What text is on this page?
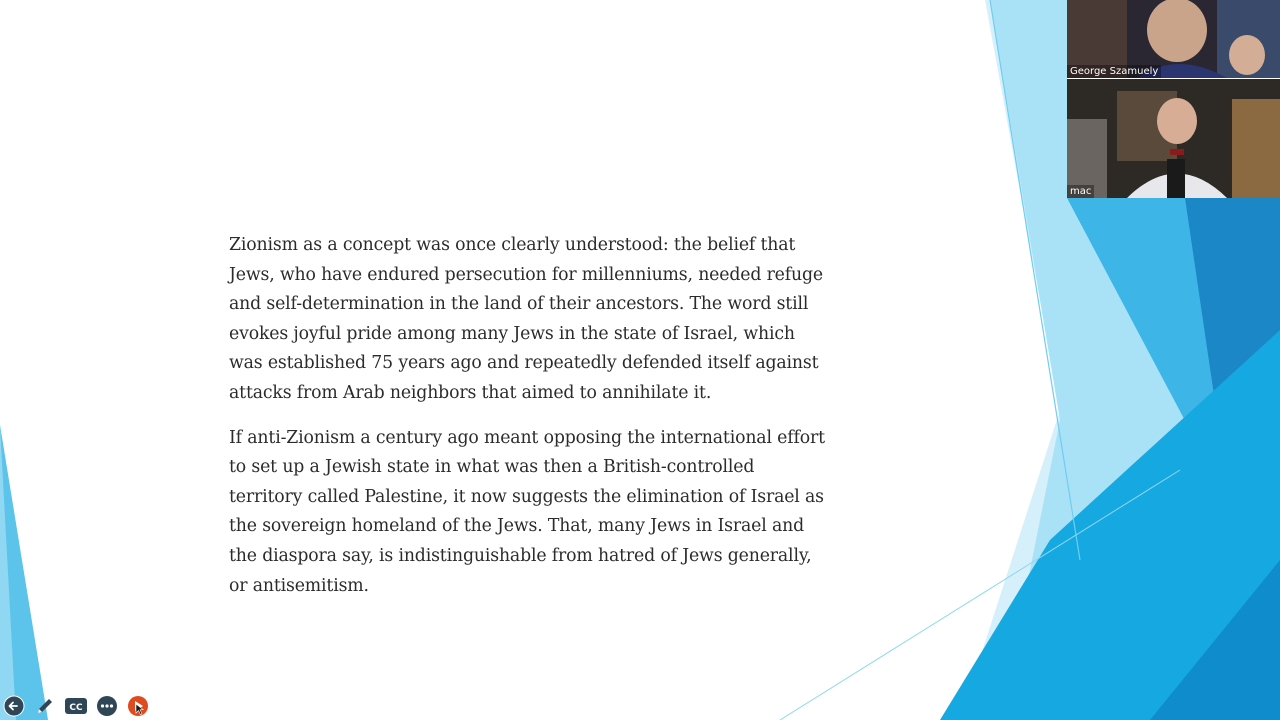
Zionism as a concept was once clearly understood: the belief that Jews, who have endured persecution for millenniums, needed refuge and self-determination in the land of their ancestors. The word still evokes joyful pride among many Jews in the state of Israel, which was established 75 years ago and repeatedly defended itself against attacks from Arab neighbors that aimed to annihilate it.

If anti-Zionism a century ago meant opposing the international effort to set up a Jewish state in what was then a British-controlled territory called Palestine, it now suggests the elimination of Israel as the sovereign homeland of the Jews. That, many Jews in Israel and the diaspora say, is indistinguishable from hatred of Jews generally, or antisemitism.

George Szamuely
mac
CC
